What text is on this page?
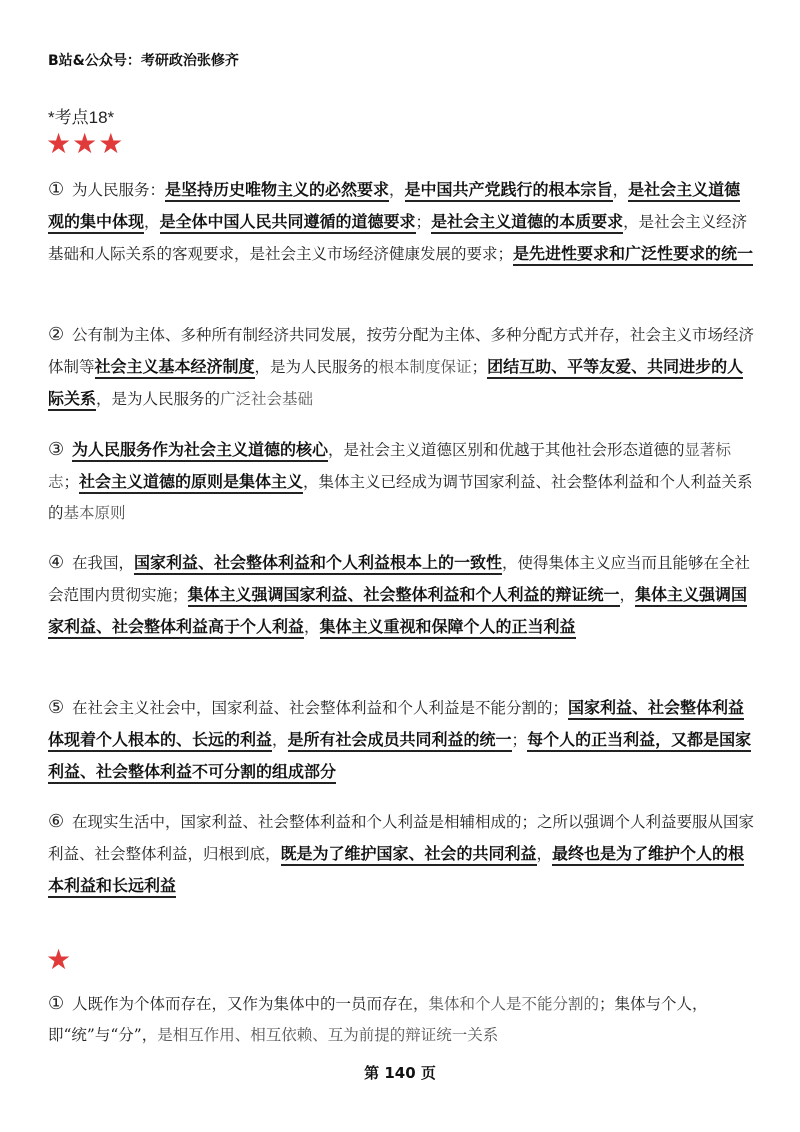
B站&公众号：考研政治张修齐
*考点18*
★★★
① 为人民服务：是坚持历史唯物主义的必然要求，是中国共产党践行的根本宗旨，是社会主义道德观的集中体现，是全体中国人民共同遵循的道德要求；是社会主义道德的本质要求，是社会主义经济基础和人际关系的客观要求，是社会主义市场经济健康发展的要求；是先进性要求和广泛性要求的统一
② 公有制为主体、多种所有制经济共同发展，按劳分配为主体、多种分配方式并存，社会主义市场经济体制等社会主义基本经济制度，是为人民服务的根本制度保证；团结互助、平等友爱、共同进步的人际关系，是为人民服务的广泛社会基础
③ 为人民服务作为社会主义道德的核心，是社会主义道德区别和优越于其他社会形态道德的显著标志；社会主义道德的原则是集体主义，集体主义已经成为调节国家利益、社会整体利益和个人利益关系的基本原则
④ 在我国，国家利益、社会整体利益和个人利益根本上的一致性，使得集体主义应当而且能够在全社会范围内贯彻实施；集体主义强调国家利益、社会整体利益和个人利益的辩证统一，集体主义强调国家利益、社会整体利益高于个人利益，集体主义重视和保障个人的正当利益
⑤ 在社会主义社会中，国家利益、社会整体利益和个人利益是不能分割的；国家利益、社会整体利益体现着个人根本的、长远的利益，是所有社会成员共同利益的统一；每个人的正当利益，又都是国家利益、社会整体利益不可分割的组成部分
⑥ 在现实生活中，国家利益、社会整体利益和个人利益是相辅相成的；之所以强调个人利益要服从国家利益、社会整体利益，归根到底，既是为了维护国家、社会的共同利益，最终也是为了维护个人的根本利益和长远利益
★
① 人既作为个体而存在，又作为集体中的一员而存在，集体和个人是不能分割的；集体与个人，即“统”与“分”，是相互作用、相互依赖、互为前提的辩证统一关系
第 140 页
